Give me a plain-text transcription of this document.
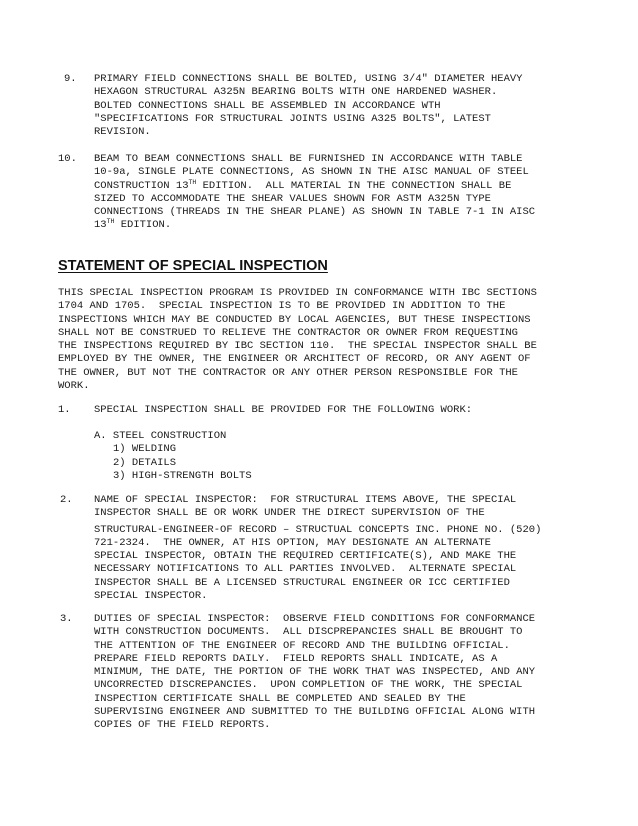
9. PRIMARY FIELD CONNECTIONS SHALL BE BOLTED, USING 3/4" DIAMETER HEAVY
HEXAGON STRUCTURAL A325N BEARING BOLTS WITH ONE HARDENED WASHER.
BOLTED CONNECTIONS SHALL BE ASSEMBLED IN ACCORDANCE WTH
"SPECIFICATIONS FOR STRUCTURAL JOINTS USING A325 BOLTS", LATEST
REVISION.
10. BEAM TO BEAM CONNECTIONS SHALL BE FURNISHED IN ACCORDANCE WITH TABLE
10-9a, SINGLE PLATE CONNECTIONS, AS SHOWN IN THE AISC MANUAL OF STEEL
CONSTRUCTION 13TH EDITION.  ALL MATERIAL IN THE CONNECTION SHALL BE
SIZED TO ACCOMMODATE THE SHEAR VALUES SHOWN FOR ASTM A325N TYPE
CONNECTIONS (THREADS IN THE SHEAR PLANE) AS SHOWN IN TABLE 7-1 IN AISC
13TH EDITION.
STATEMENT OF SPECIAL INSPECTION
THIS SPECIAL INSPECTION PROGRAM IS PROVIDED IN CONFORMANCE WITH IBC SECTIONS
1704 AND 1705.  SPECIAL INSPECTION IS TO BE PROVIDED IN ADDITION TO THE
INSPECTIONS WHICH MAY BE CONDUCTED BY LOCAL AGENCIES, BUT THESE INSPECTIONS
SHALL NOT BE CONSTRUED TO RELIEVE THE CONTRACTOR OR OWNER FROM REQUESTING
THE INSPECTIONS REQUIRED BY IBC SECTION 110.  THE SPECIAL INSPECTOR SHALL BE
EMPLOYED BY THE OWNER, THE ENGINEER OR ARCHITECT OF RECORD, OR ANY AGENT OF
THE OWNER, BUT NOT THE CONTRACTOR OR ANY OTHER PERSON RESPONSIBLE FOR THE
WORK.
1. SPECIAL INSPECTION SHALL BE PROVIDED FOR THE FOLLOWING WORK:
A. STEEL CONSTRUCTION
1) WELDING
2) DETAILS
3) HIGH-STRENGTH BOLTS
2. NAME OF SPECIAL INSPECTOR:  FOR STRUCTURAL ITEMS ABOVE, THE SPECIAL
INSPECTOR SHALL BE OR WORK UNDER THE DIRECT SUPERVISION OF THE
STRUCTURAL-ENGINEER-OF RECORD – STRUCTUAL CONCEPTS INC. PHONE NO. (520)
721-2324.  THE OWNER, AT HIS OPTION, MAY DESIGNATE AN ALTERNATE
SPECIAL INSPECTOR, OBTAIN THE REQUIRED CERTIFICATE(S), AND MAKE THE
NECESSARY NOTIFICATIONS TO ALL PARTIES INVOLVED.  ALTERNATE SPECIAL
INSPECTOR SHALL BE A LICENSED STRUCTURAL ENGINEER OR ICC CERTIFIED
SPECIAL INSPECTOR.
3. DUTIES OF SPECIAL INSPECTOR:  OBSERVE FIELD CONDITIONS FOR CONFORMANCE
WITH CONSTRUCTION DOCUMENTS.  ALL DISCPREPANCIES SHALL BE BROUGHT TO
THE ATTENTION OF THE ENGINEER OF RECORD AND THE BUILDING OFFICIAL.
PREPARE FIELD REPORTS DAILY.  FIELD REPORTS SHALL INDICATE, AS A
MINIMUM, THE DATE, THE PORTION OF THE WORK THAT WAS INSPECTED, AND ANY
UNCORRECTED DISCREPANCIES.  UPON COMPLETION OF THE WORK, THE SPECIAL
INSPECTION CERTIFICATE SHALL BE COMPLETED AND SEALED BY THE
SUPERVISING ENGINEER AND SUBMITTED TO THE BUILDING OFFICIAL ALONG WITH
COPIES OF THE FIELD REPORTS.
